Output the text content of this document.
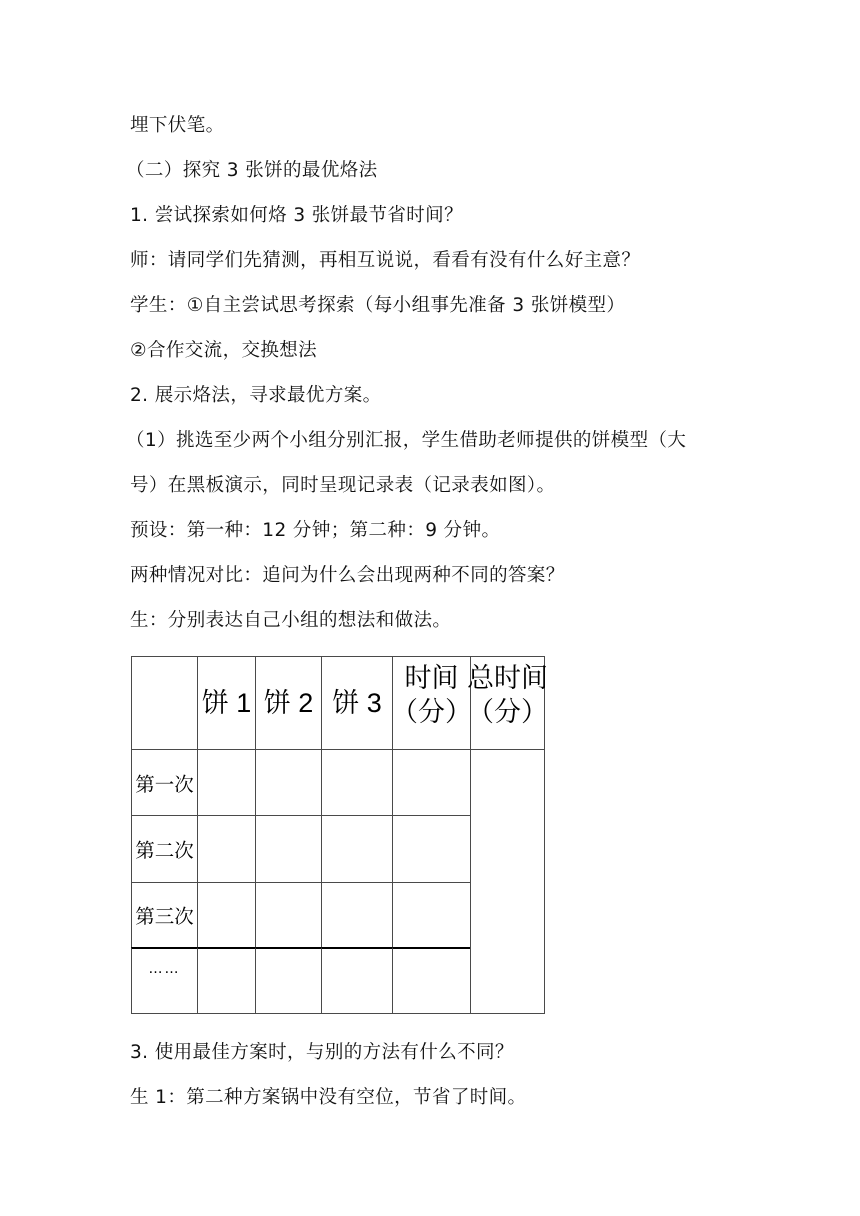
埋下伏笔。
（二）探究 3 张饼的最优烙法
1. 尝试探索如何烙 3 张饼最节省时间？
师：请同学们先猜测，再相互说说，看看有没有什么好主意？
学生：①自主尝试思考探索（每小组事先准备 3 张饼模型）
②合作交流，交换想法
2. 展示烙法，寻求最优方案。
（1）挑选至少两个小组分别汇报，学生借助老师提供的饼模型（大
号）在黑板演示，同时呈现记录表（记录表如图）。
预设：第一种：12 分钟；第二种：9 分钟。
两种情况对比：追问为什么会出现两种不同的答案？
生：分别表达自己小组的想法和做法。
饼 1 饼 2 饼 3
时间
（分）
总时间
（分）
第一次
第二次
第三次
……
3. 使用最佳方案时，与别的方法有什么不同？
生 1：第二种方案锅中没有空位，节省了时间。
